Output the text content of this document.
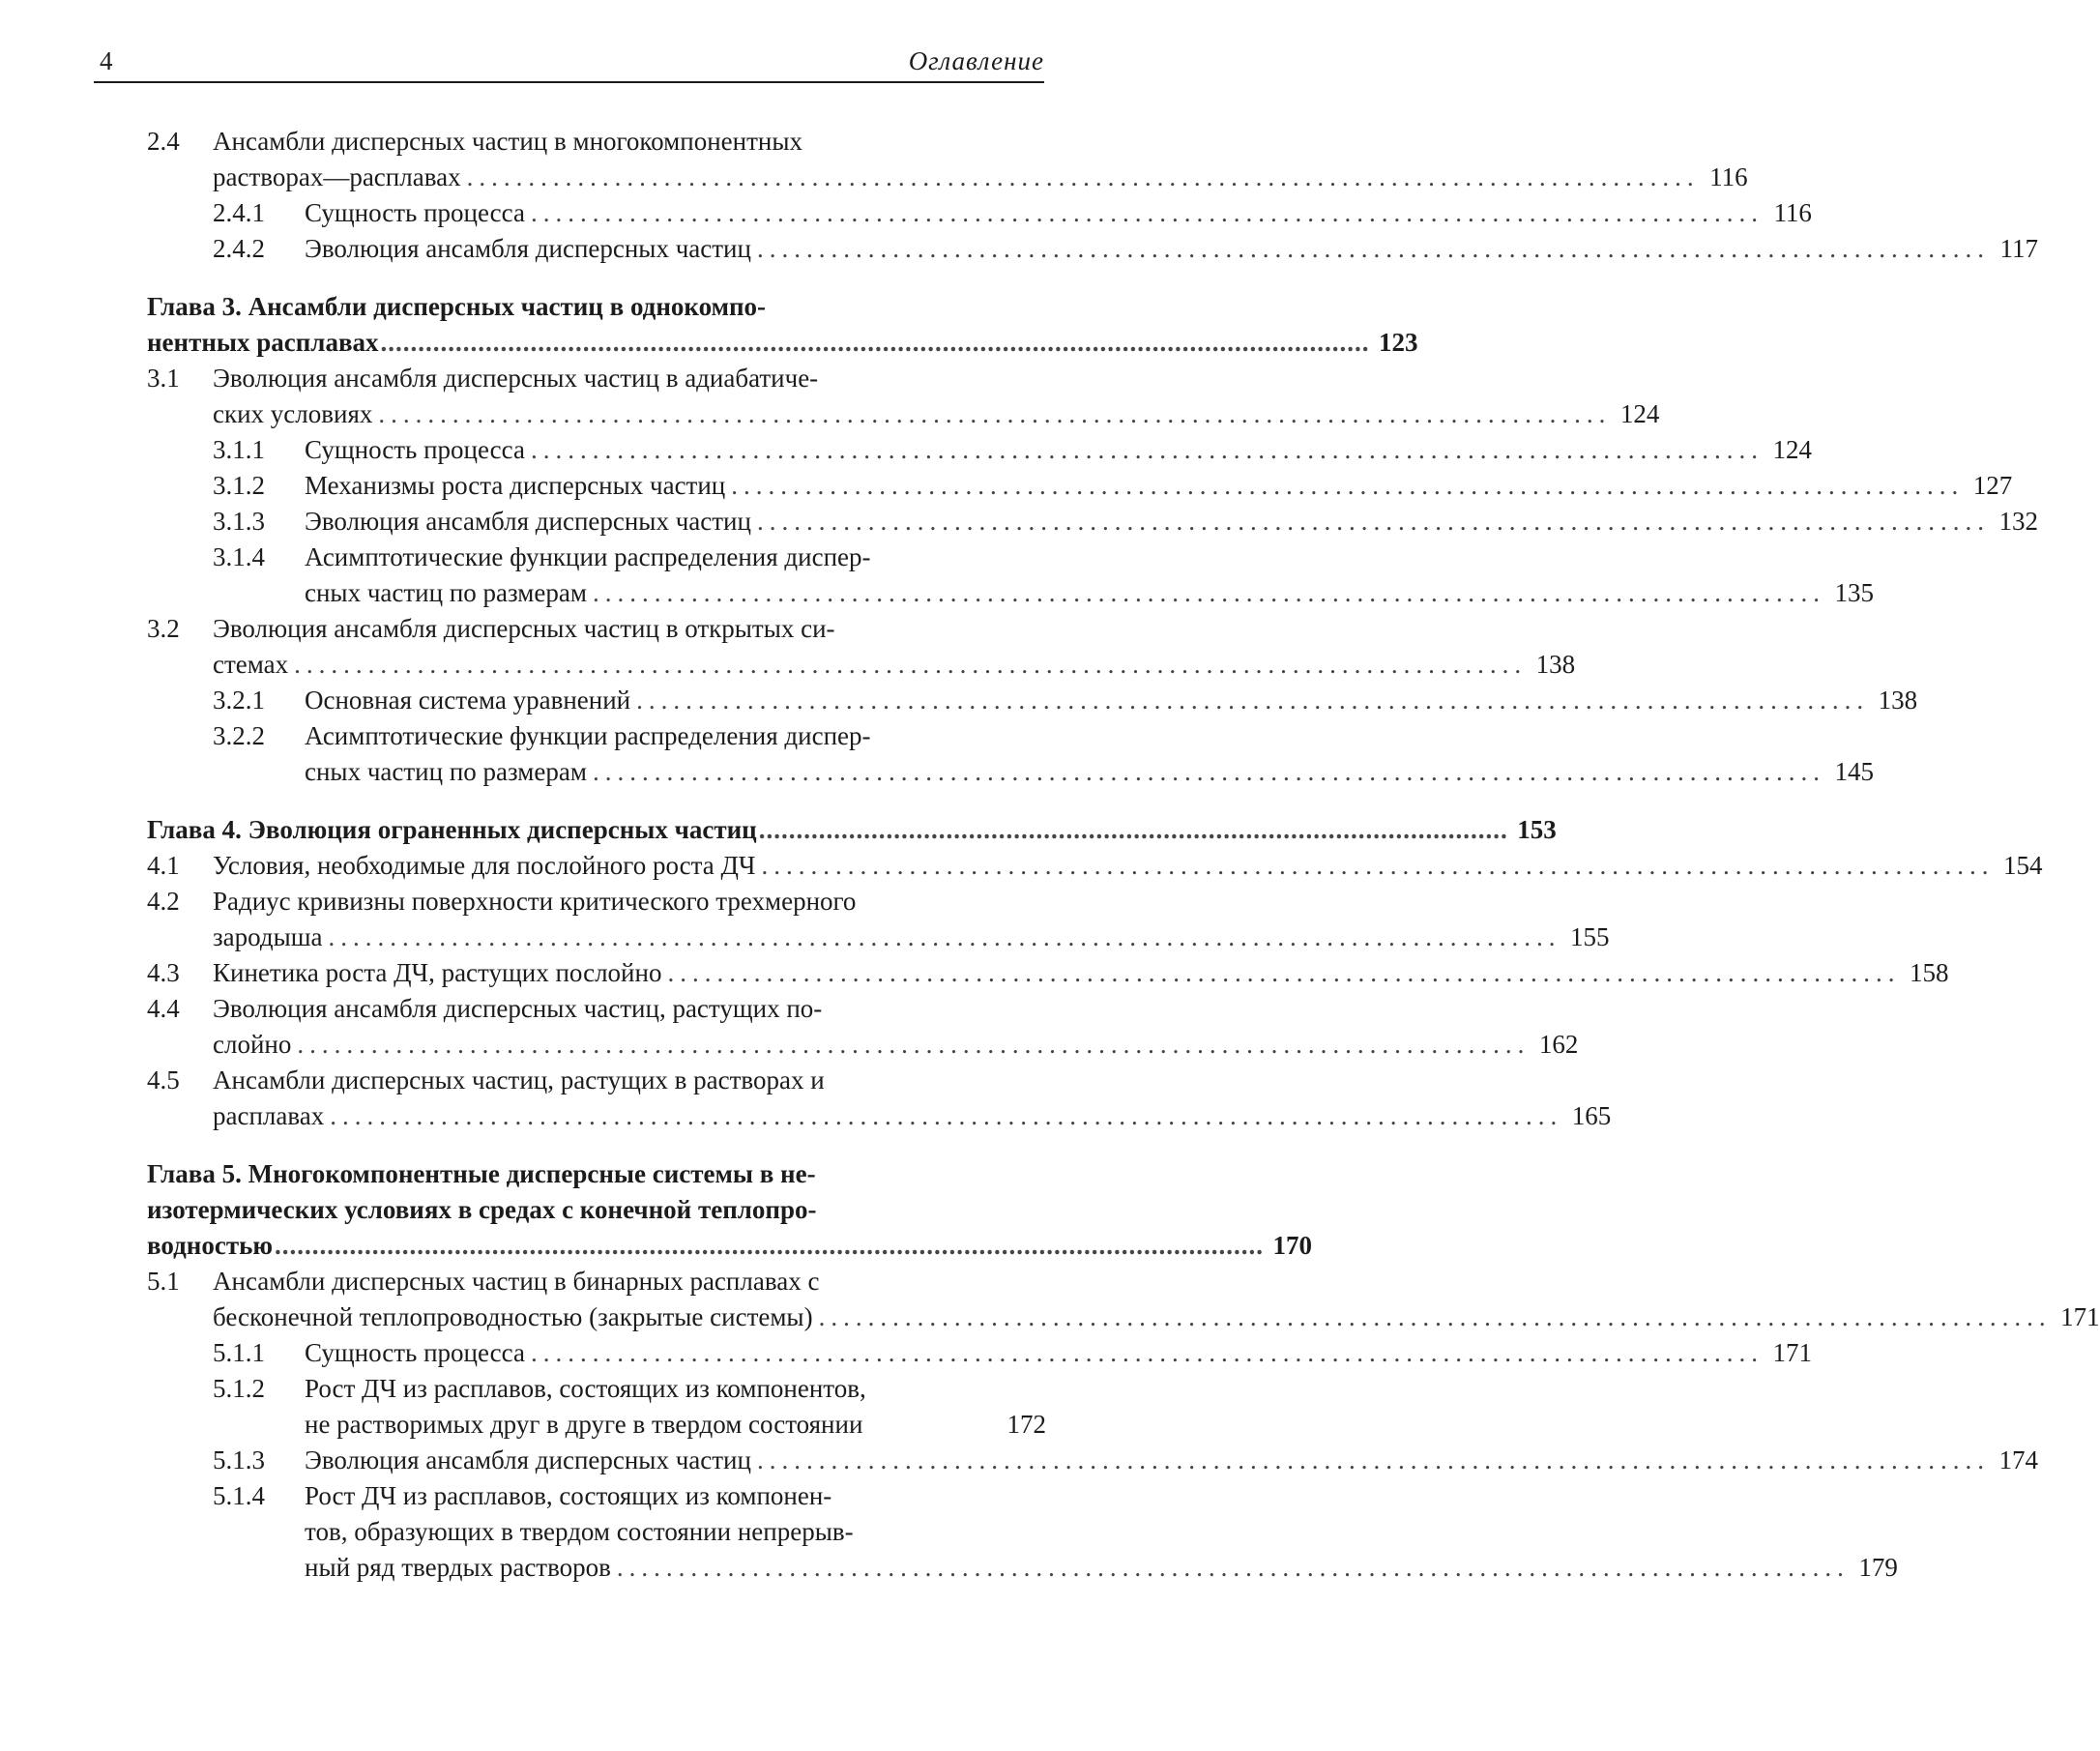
4	Оглавление
2.4 Ансамбли дисперсных частиц в многокомпонентных
растворах—расплавах .................................................................................................... 116
2.4.1 Сущность процесса .................................................................................................... 116
2.4.2 Эволюция ансамбля дисперсных частиц .................................................................................................... 117
Глава 3. Ансамбли дисперсных частиц в однокомпо-
нентных расплавах .................................................................................................................................... 123
3.1 Эволюция ансамбля дисперсных частиц в адиабатиче-
ских условиях .................................................................................................... 124
3.1.1 Сущность процесса .................................................................................................... 124
3.1.2 Механизмы роста дисперсных частиц .................................................................................................... 127
3.1.3 Эволюция ансамбля дисперсных частиц .................................................................................................... 132
3.1.4 Асимптотические функции распределения диспер-
сных частиц по размерам .................................................................................................... 135
3.2 Эволюция ансамбля дисперсных частиц в открытых си-
стемах .................................................................................................... 138
3.2.1 Основная система уравнений .................................................................................................... 138
3.2.2 Асимптотические функции распределения диспер-
сных частиц по размерам .................................................................................................... 145
Глава 4. Эволюция ограненных дисперсных частиц .................................................................................................... 153
4.1 Условия, необходимые для послойного роста ДЧ .................................................................................................... 154
4.2 Радиус кривизны поверхности критического трехмерного
зародыша .................................................................................................... 155
4.3 Кинетика роста ДЧ, растущих послойно .................................................................................................... 158
4.4 Эволюция ансамбля дисперсных частиц, растущих по-
слойно .................................................................................................... 162
4.5 Ансамбли дисперсных частиц, растущих в растворах и
расплавах .................................................................................................... 165
Глава 5. Многокомпонентные дисперсные системы в не-
изотермических условиях в средах с конечной теплопро-
водностью .................................................................................................................................... 170
5.1 Ансамбли дисперсных частиц в бинарных расплавах с
бесконечной теплопроводностью (закрытые системы) .................................................................................................... 171
5.1.1 Сущность процесса .................................................................................................... 171
5.1.2 Рост ДЧ из расплавов, состоящих из компонентов,
не растворимых друг в друге в твердом состоянии	172
5.1.3 Эволюция ансамбля дисперсных частиц .................................................................................................... 174
5.1.4 Рост ДЧ из расплавов, состоящих из компонен-
тов, образующих в твердом состоянии непрерыв-
ный ряд твердых растворов .................................................................................................... 179
